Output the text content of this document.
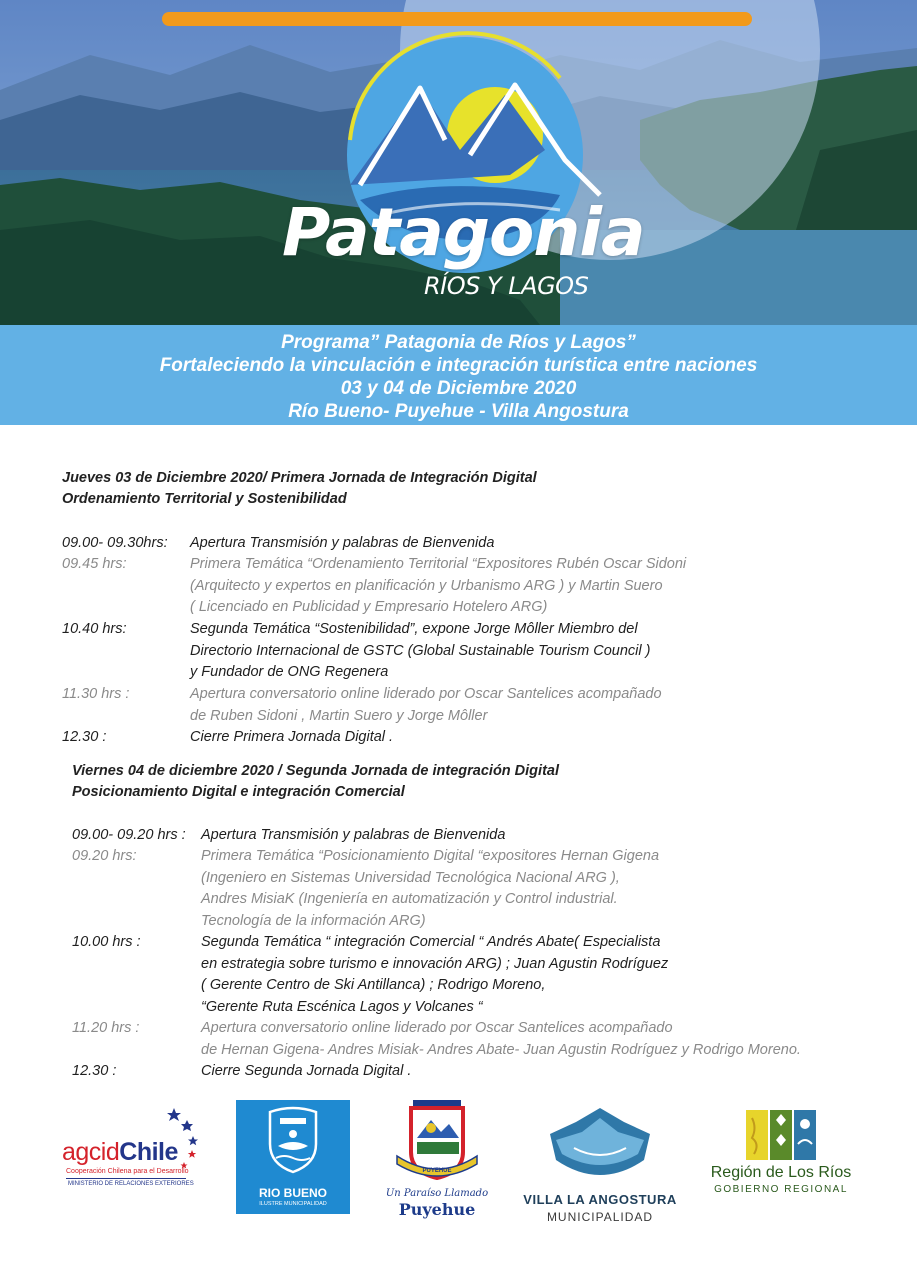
Patagonia
RÍOS Y LAGOS
Programa” Patagonia de Ríos y Lagos”
Fortaleciendo la vinculación e integración turística entre naciones
03 y 04 de Diciembre 2020
Río Bueno- Puyehue - Villa Angostura
Jueves 03 de Diciembre 2020/ Primera Jornada de Integración Digital
Ordenamiento Territorial y Sostenibilidad
09.00- 09.30hrs: Apertura Transmisión y palabras de Bienvenida
09.45 hrs:	Primera Temática “Ordenamiento Territorial “Expositores Rubén Oscar Sidoni
(Arquitecto y expertos en planificación y Urbanismo ARG ) y Martin Suero
( Licenciado en Publicidad y Empresario Hotelero ARG)
10.40 hrs:	Segunda Temática “Sostenibilidad”, expone Jorge Môller Miembro del
Directorio Internacional de GSTC (Global Sustainable Tourism Council )
y Fundador de ONG Regenera
11.30 hrs :	Apertura conversatorio online liderado por Oscar Santelices acompañado
de Ruben Sidoni , Martin Suero y Jorge Môller
12.30 :	Cierre Primera Jornada Digital .
Viernes 04 de diciembre 2020 / Segunda Jornada de integración Digital
Posicionamiento Digital e integración Comercial
09.00- 09.20 hrs : Apertura Transmisión y palabras de Bienvenida
09.20 hrs:	Primera Temática “Posicionamiento Digital “expositores Hernan Gigena
(Ingeniero en Sistemas Universidad Tecnológica Nacional ARG ),
Andres MisiaK (Ingeniería en automatización y Control industrial.
Tecnología de la información ARG)
10.00 hrs :	Segunda Temática “ integración Comercial “ Andrés Abate( Especialista
en estrategia sobre turismo e innovación ARG) ; Juan Agustin Rodríguez
( Gerente Centro de Ski Antillanca) ; Rodrigo Moreno,
“Gerente Ruta Escénica Lagos y Volcanes “
11.20 hrs :	Apertura conversatorio online liderado por Oscar Santelices acompañado
de Hernan Gigena- Andres Misiak- Andres Abate- Juan Agustin Rodríguez y Rodrigo Moreno.
12.30 :	Cierre Segunda Jornada Digital .
agcidChile
Cooperación Chilena para el Desarrollo
MINISTERIO DE RELACIONES EXTERIORES
RIO BUENO
ILUSTRE MUNICIPALIDAD
PUYEHUE
Un Paraíso Llamado
Puyehue
VILLA LA ANGOSTURA
MUNICIPALIDAD
Región de Los Ríos
GOBIERNO REGIONAL
